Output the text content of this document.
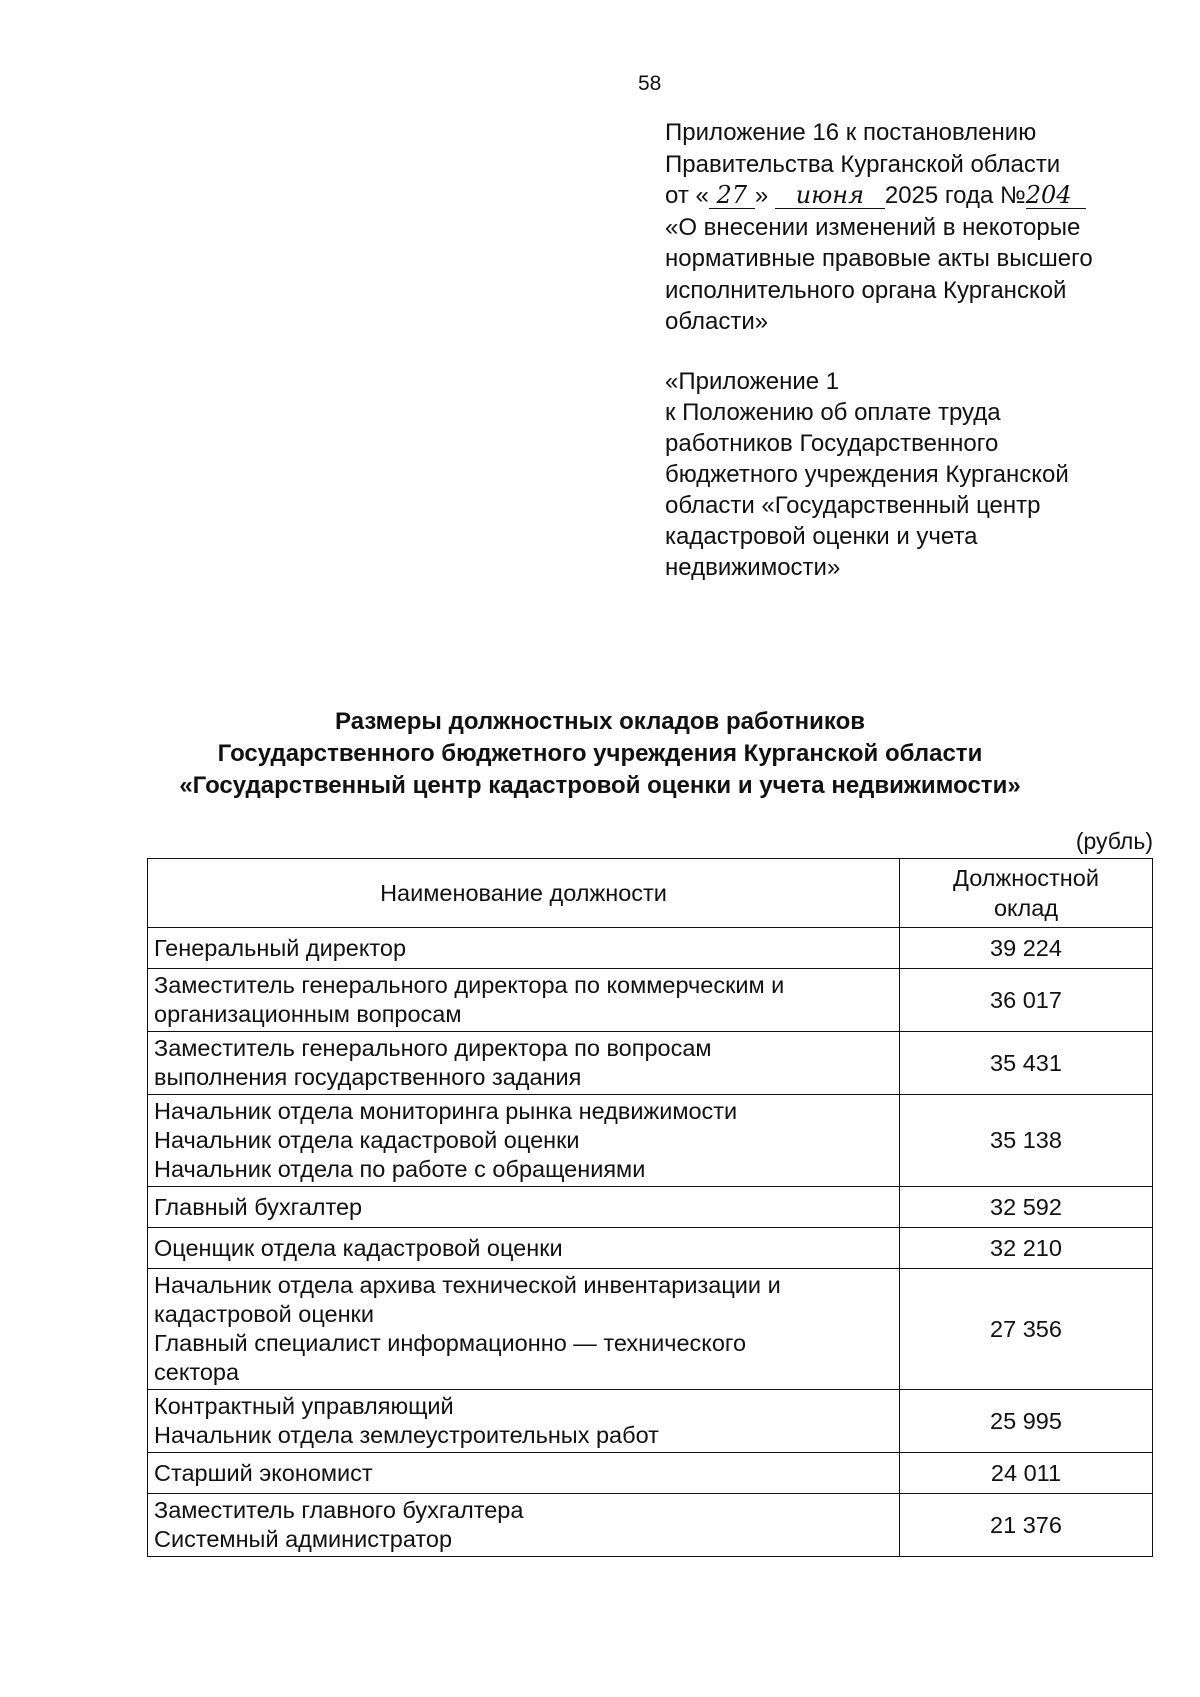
58
Приложение 16 к постановлению
Правительства Курганской области
от « 27 » июня 2025 года №204
«О внесении изменений в некоторые
нормативные правовые акты высшего
исполнительного органа Курганской
области»
«Приложение 1
к Положению об оплате труда
работников Государственного
бюджетного учреждения Курганской
области «Государственный центр
кадастровой оценки и учета
недвижимости»
Размеры должностных окладов работников
Государственного бюджетного учреждения Курганской области
«Государственный центр кадастровой оценки и учета недвижимости»
(рубль)
Наименование должности	Должностной
оклад

Генеральный директор	39 224

Заместитель генерального директора по коммерческим и
организационным вопросам	36 017

Заместитель генерального директора по вопросам
выполнения государственного задания	35 431

Начальник отдела мониторинга рынка недвижимости
Начальник отдела кадастровой оценки
Начальник отдела по работе с обращениями	35 138

Главный бухгалтер	32 592

Оценщик отдела кадастровой оценки	32 210

Начальник отдела архива технической инвентаризации и
кадастровой оценки
Главный специалист информационно — технического
сектора	27 356

Контрактный управляющий
Начальник отдела землеустроительных работ	25 995

Старший экономист	24 011

Заместитель главного бухгалтера
Системный администратор	21 376
